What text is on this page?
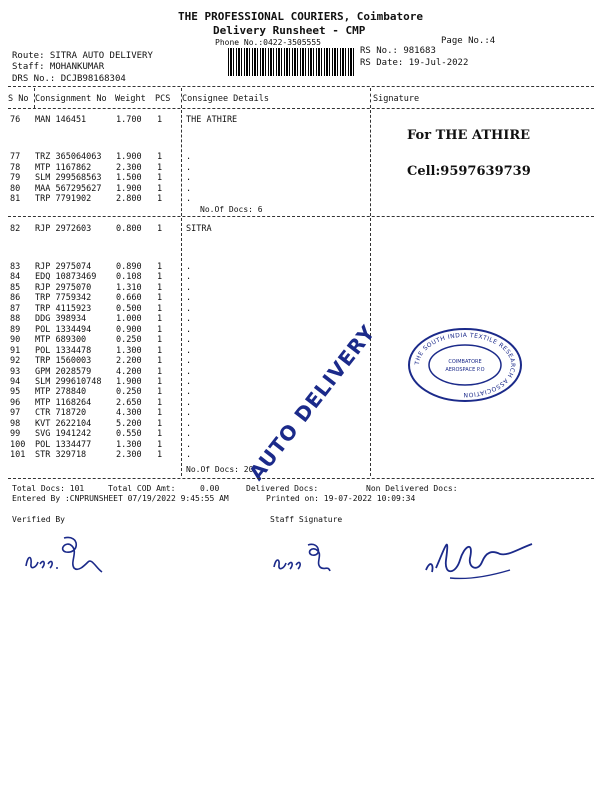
THE PROFESSIONAL COURIERS, Coimbatore
Delivery Runsheet - CMP
Phone No.:0422-3505555	Page No.:4
Route: SITRA AUTO DELIVERY
Staff: MOHANKUMAR
DRS No.: DCJB98168304
RS No.: 981683
RS Date: 19-Jul-2022
S No Consignment No Weight PCS Consignee Details	Signature
76 MAN 146451	1.700 1	THE ATHIRE
77 TRZ 365064063 1.900 1	.
78 MTP 1167862	2.300 1	.
79 SLM 299568563 1.500 1	.
80 MAA 567295627 1.900 1	.
81 TRP 7791902	2.800 1	.
No.Of Docs: 6
For THE ATHIRE
Cell:9597639739
82 RJP 2972603	0.800 1	SITRA
83 RJP 2975074	0.890 1	.
84 EDQ 10873469 0.108 1	.
85 RJP 2975070	1.310 1	.
86 TRP 7759342	0.660 1	.
87 TRP 4115923	0.500 1	.
88 DDG 398934	1.000 1	.
89 POL 1334494	0.900 1	.
90 MTP 689300	0.250 1	.
91 POL 1334478	1.300 1	.
92 TRP 1560003	2.200 1	.
93 GPM 2028579	4.200 1	.
94 SLM 299610748 1.900 1	.
95 MTP 278840	0.250 1	.
96 MTP 1168264	2.650 1	.
97 CTR 718720	4.300 1	.
98 KVT 2622104	5.200 1	.
99 SVG 1941242	0.550 1	.
100 POL 1334477	1.300 1	.
101 STR 329718	2.300 1	.
No.Of Docs: 20
AUTO DELIVERY	THE SOUTH INDIA TEXTILE RESEARCH ASSOCIATION
COIMBATORE
AEROSPACE P.O
Total Docs: 101	Total COD Amt:	0.00	Delivered Docs:	Non Delivered Docs:
Entered By :CNPRUNSHEET 07/19/2022 9:45:55 AM	Printed on: 19-07-2022 10:09:34
Verified By	Staff Signature
